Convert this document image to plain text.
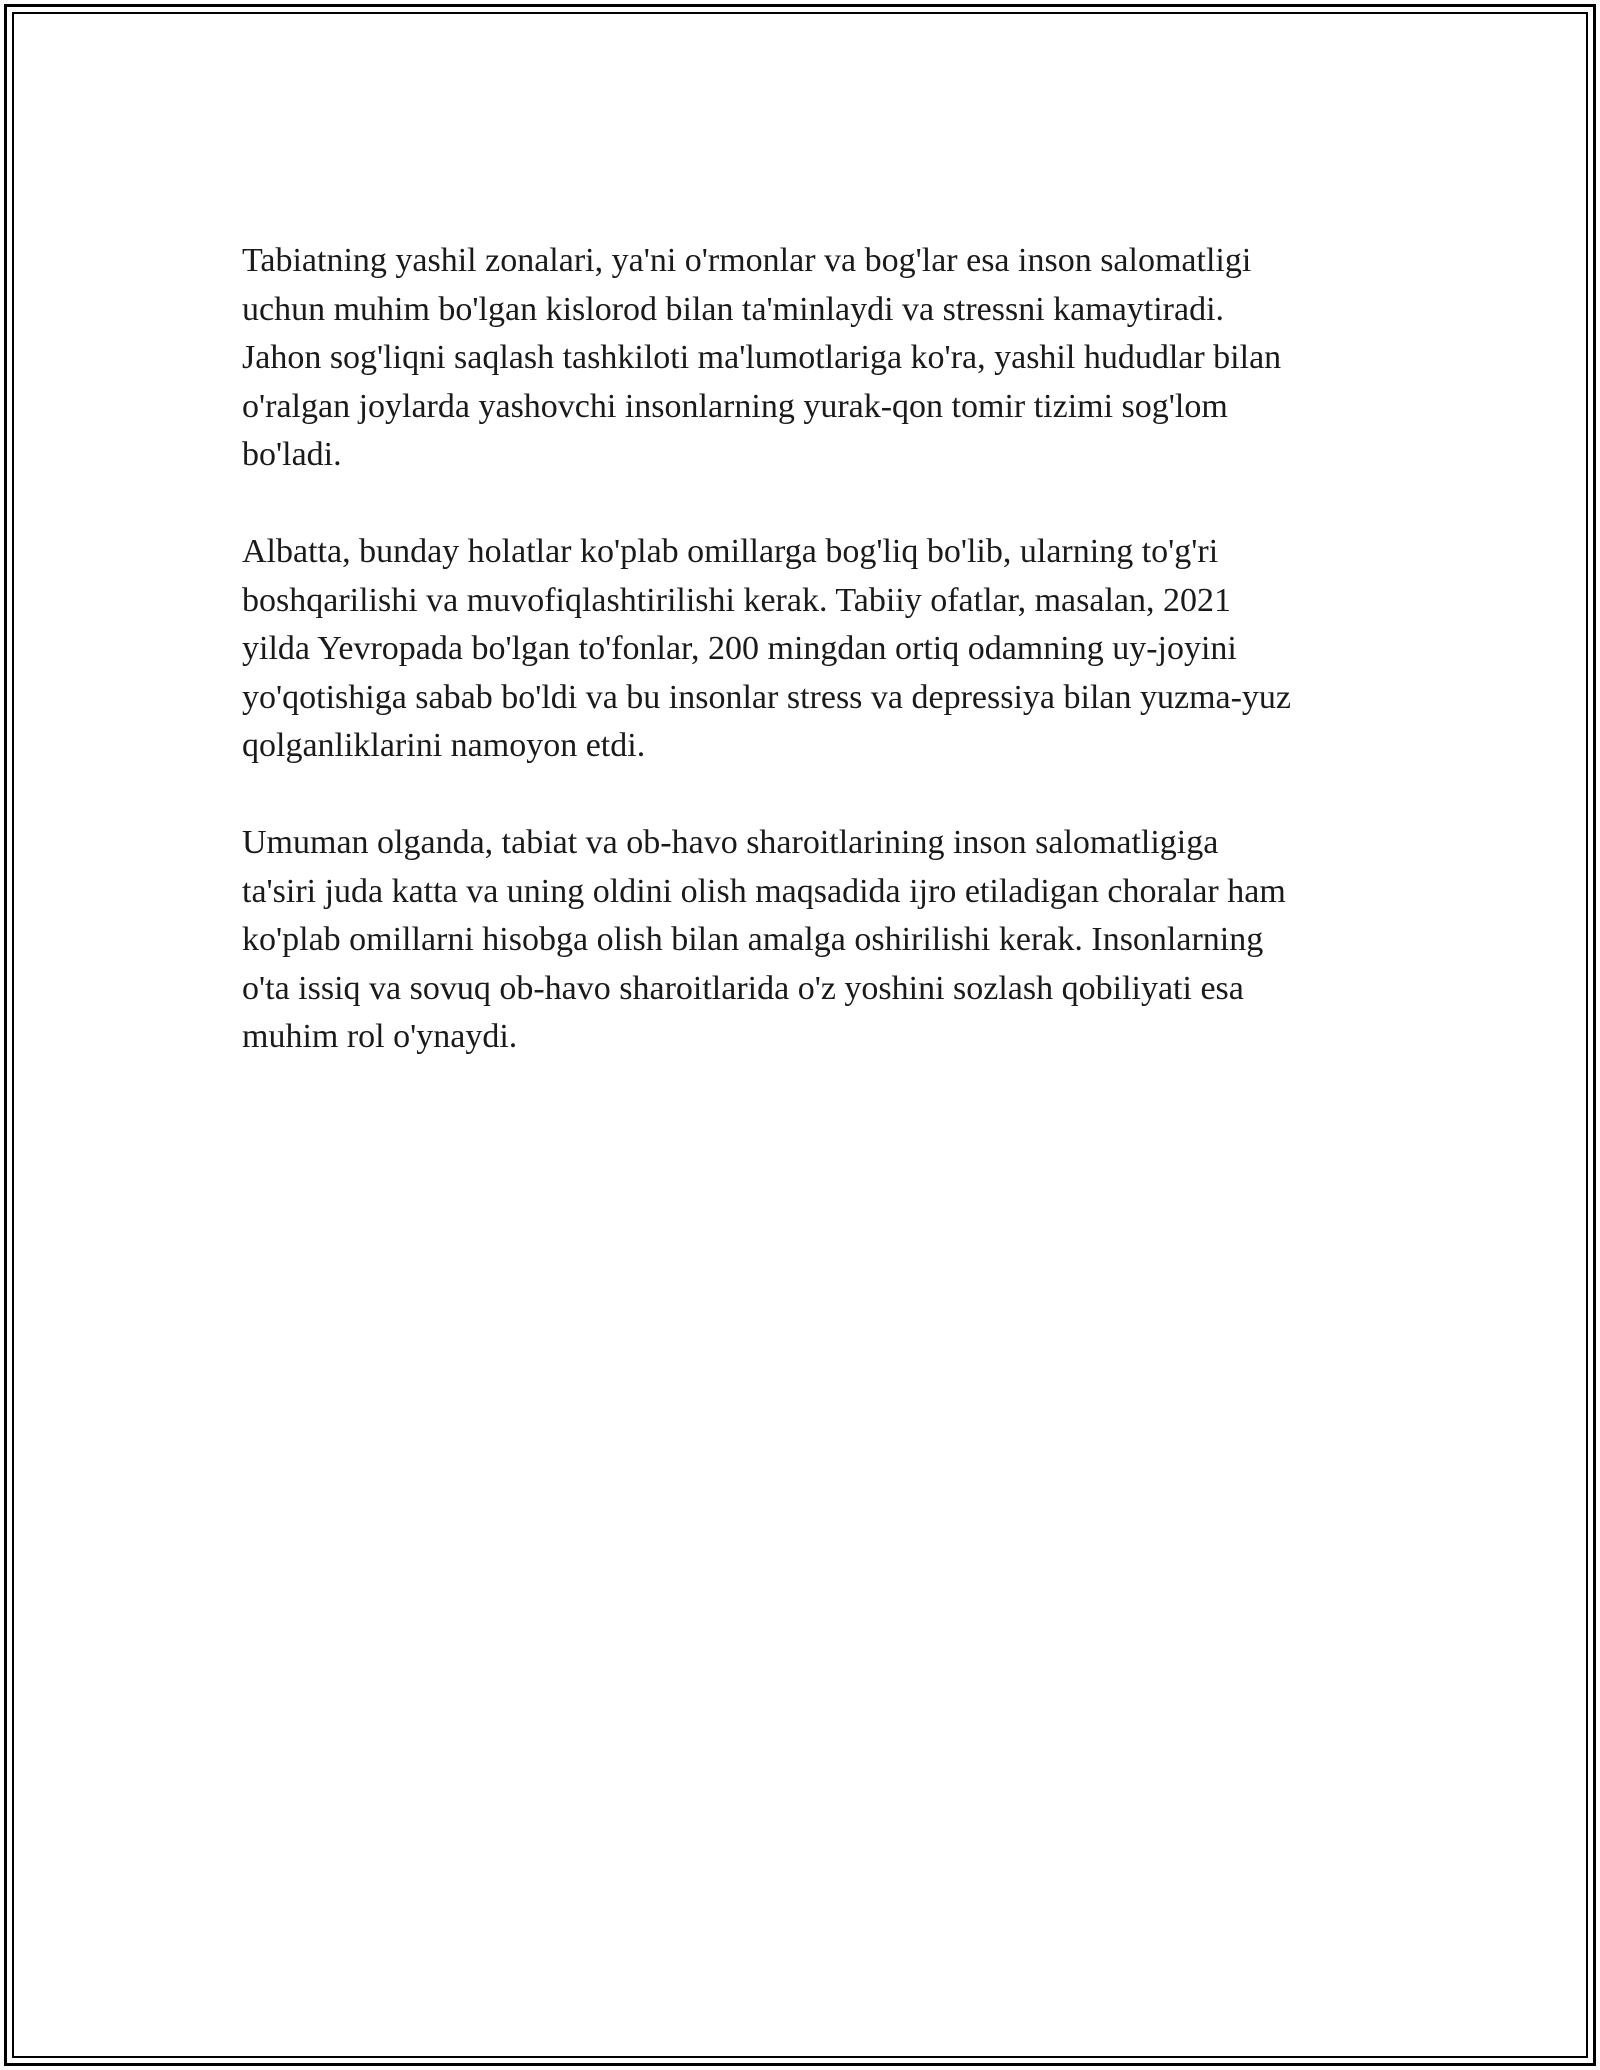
Tabiatning yashil zonalari, ya'ni o'rmonlar va bog'lar esa inson salomatligi
uchun muhim bo'lgan kislorod bilan ta'minlaydi va stressni kamaytiradi.
Jahon sog'liqni saqlash tashkiloti ma'lumotlariga ko'ra, yashil hududlar bilan
o'ralgan joylarda yashovchi insonlarning yurak-qon tomir tizimi sog'lom
bo'ladi.

Albatta, bunday holatlar ko'plab omillarga bog'liq bo'lib, ularning to'g'ri
boshqarilishi va muvofiqlashtirilishi kerak. Tabiiy ofatlar, masalan, 2021
yilda Yevropada bo'lgan to'fonlar, 200 mingdan ortiq odamning uy-joyini
yo'qotishiga sabab bo'ldi va bu insonlar stress va depressiya bilan yuzma-yuz
qolganliklarini namoyon etdi.

Umuman olganda, tabiat va ob-havo sharoitlarining inson salomatligiga
ta'siri juda katta va uning oldini olish maqsadida ijro etiladigan choralar ham
ko'plab omillarni hisobga olish bilan amalga oshirilishi kerak. Insonlarning
o'ta issiq va sovuq ob-havo sharoitlarida o'z yoshini sozlash qobiliyati esa
muhim rol o'ynaydi.
